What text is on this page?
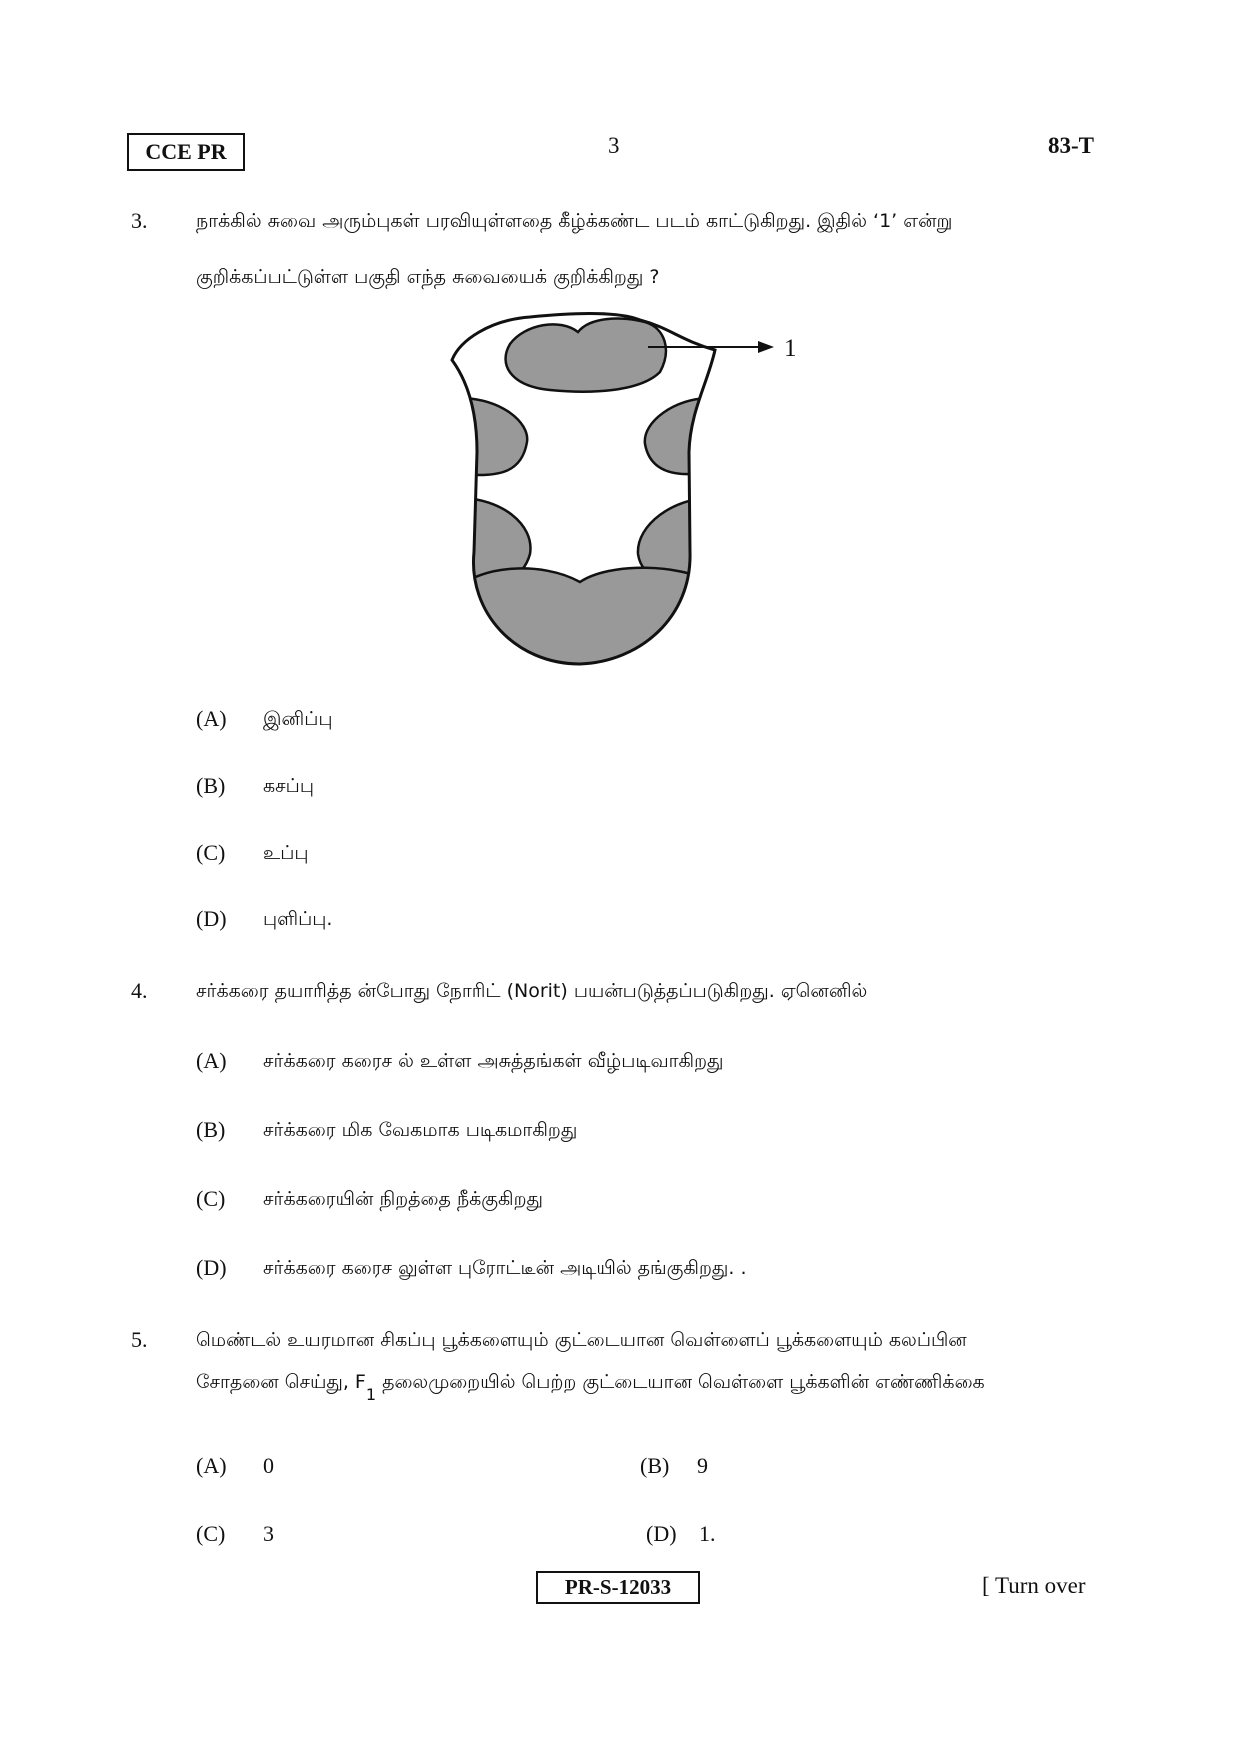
CCE PR	3	83-T
3.	நாக்கில் சுவை அரும்புகள் பரவியுள்ளதை கீழ்க்கண்ட படம் காட்டுகிறது. இதில் ‘1’ என்று
குறிக்கப்பட்டுள்ள பகுதி எந்த சுவையைக் குறிக்கிறது ?
1
(A) இனிப்பு
(B) கசப்பு
(C) உப்பு
(D) புளிப்பு.
4.	சர்க்கரை தயாரித்த ன்போது நோரிட் (Norit) பயன்படுத்தப்படுகிறது. ஏனெனில்
(A) சர்க்கரை கரைச ல் உள்ள அசுத்தங்கள் வீழ்படிவாகிறது
(B) சர்க்கரை மிக வேகமாக படிகமாகிறது
(C) சர்க்கரையின் நிறத்தை நீக்குகிறது
(D) சர்க்கரை கரைச லுள்ள புரோட்டீன் அடியில் தங்குகிறது. .
5.	மெண்டல் உயரமான சிகப்பு பூக்களையும் குட்டையான வெள்ளைப் பூக்களையும் கலப்பின
சோதனை செய்து, $F_1$ தலைமுறையில் பெற்ற குட்டையான வெள்ளை பூக்களின் எண்ணிக்கை
(A) 0	(B) 9
(C) 3	(D) 1.
PR-S-12033	[ Turn over
